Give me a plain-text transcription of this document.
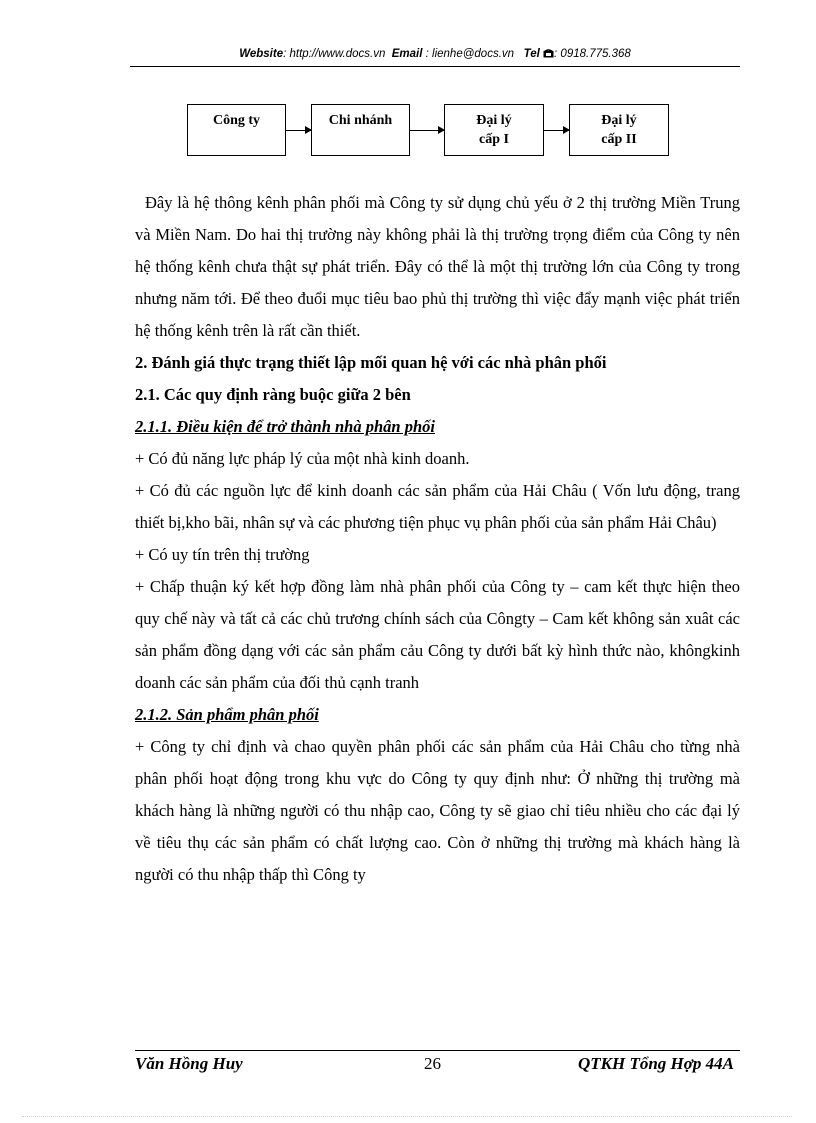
Website: http://www.docs.vn Email : lienhe@docs.vn Tel : 0918.775.368
Công ty	Chi nhánh	Đại lý
cấp I
Đại lý
cấp II

Đây là hệ thông kênh phân phối mà Công ty sử dụng chủ yếu ở 2 thị trường Miền Trung và Miền Nam. Do hai thị trường này không phải là thị trường trọng điểm của Công ty nên hệ thống kênh chưa thật sự phát triển. Đây có thể là một thị trường lớn của Công ty trong nhưng năm tới. Để theo đuổi mục tiêu bao phủ thị trường thì việc đẩy mạnh việc phát triển hệ thống kênh trên là rất cần thiết.

2. Đánh giá thực trạng thiết lập mối quan hệ với các nhà phân phối

2.1. Các quy định ràng buộc giữa 2 bên

2.1.1. Điều kiện để trở thành nhà phân phối

+ Có đủ năng lực pháp lý của một nhà kinh doanh.

+ Có đủ các nguồn lực để kinh doanh các sản phẩm của Hải Châu ( Vốn lưu động, trang thiết bị,kho bãi, nhân sự và các phương tiện phục vụ phân phối của sản phẩm Hải Châu)

+ Có uy tín trên thị trường

+ Chấp thuận ký kết hợp đồng làm nhà phân phối của Công ty – cam kết thực hiện theo quy chế này và tất cả các chủ trương chính sách của Côngty – Cam kết không sản xuât các sản phẩm đồng dạng với các sản phẩm cảu Công ty dưới bất kỳ hình thức nào, khôngkinh doanh các sản phẩm của đối thủ cạnh tranh

2.1.2. Sản phẩm phân phối

+ Công ty chỉ định và chao quyền phân phối các sản phẩm của Hải Châu cho từng nhà phân phối hoạt động trong khu vực do Công ty quy định như: Ở những thị trường mà khách hàng là những người có thu nhập cao, Công ty sẽ giao chỉ tiêu nhiều cho các đại lý về tiêu thụ các sản phẩm có chất lượng cao. Còn ở những thị trường mà khách hàng là người có thu nhập thấp thì Công ty

Văn Hồng Huy	26	QTKH Tổng Hợp 44A
